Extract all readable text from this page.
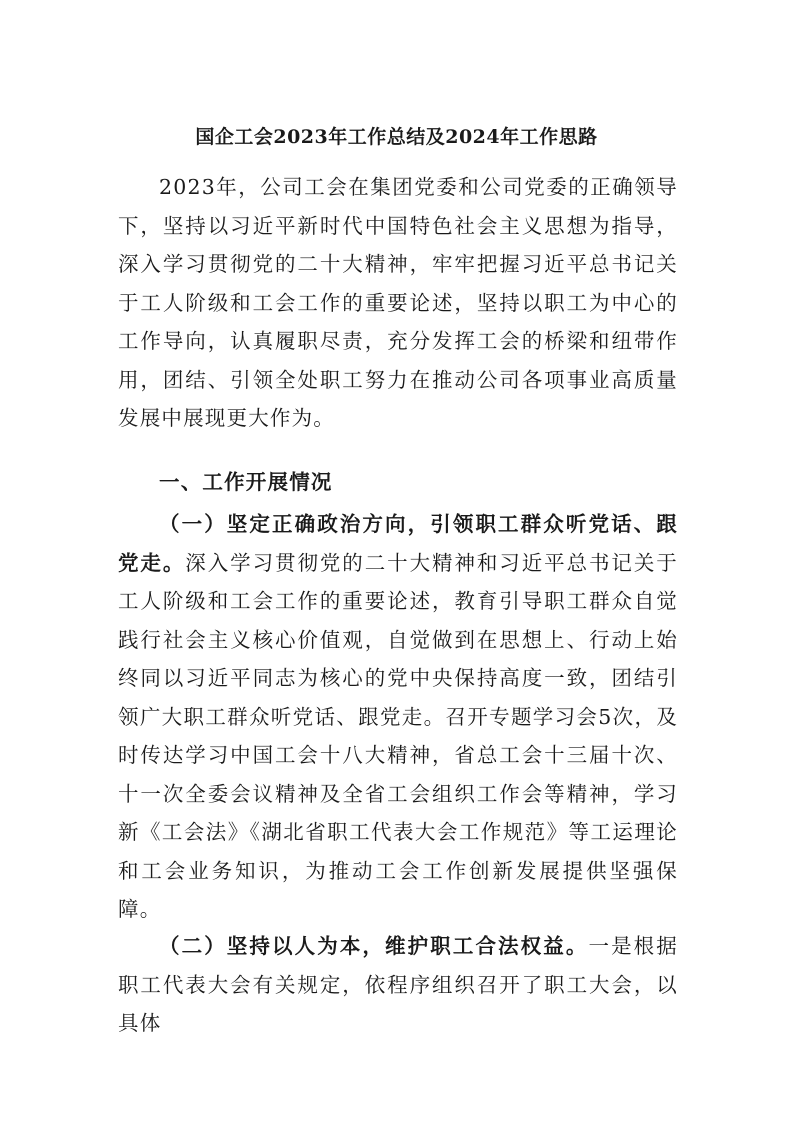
国企工会2023年工作总结及2024年工作思路

2023年，公司工会在集团党委和公司党委的正确领导下，坚持以习近平新时代中国特色社会主义思想为指导，深入学习贯彻党的二十大精神，牢牢把握习近平总书记关于工人阶级和工会工作的重要论述，坚持以职工为中心的工作导向，认真履职尽责，充分发挥工会的桥梁和纽带作用，团结、引领全处职工努力在推动公司各项事业高质量发展中展现更大作为。

一、工作开展情况

（一）坚定正确政治方向，引领职工群众听党话、跟党走。深入学习贯彻党的二十大精神和习近平总书记关于工人阶级和工会工作的重要论述，教育引导职工群众自觉践行社会主义核心价值观，自觉做到在思想上、行动上始终同以习近平同志为核心的党中央保持高度一致，团结引领广大职工群众听党话、跟党走。召开专题学习会5次，及时传达学习中国工会十八大精神，省总工会十三届十次、十一次全委会议精神及全省工会组织工作会等精神，学习新《工会法》《湖北省职工代表大会工作规范》等工运理论和工会业务知识，为推动工会工作创新发展提供坚强保障。

（二）坚持以人为本，维护职工合法权益。一是根据职工代表大会有关规定，依程序组织召开了职工大会，以具体
